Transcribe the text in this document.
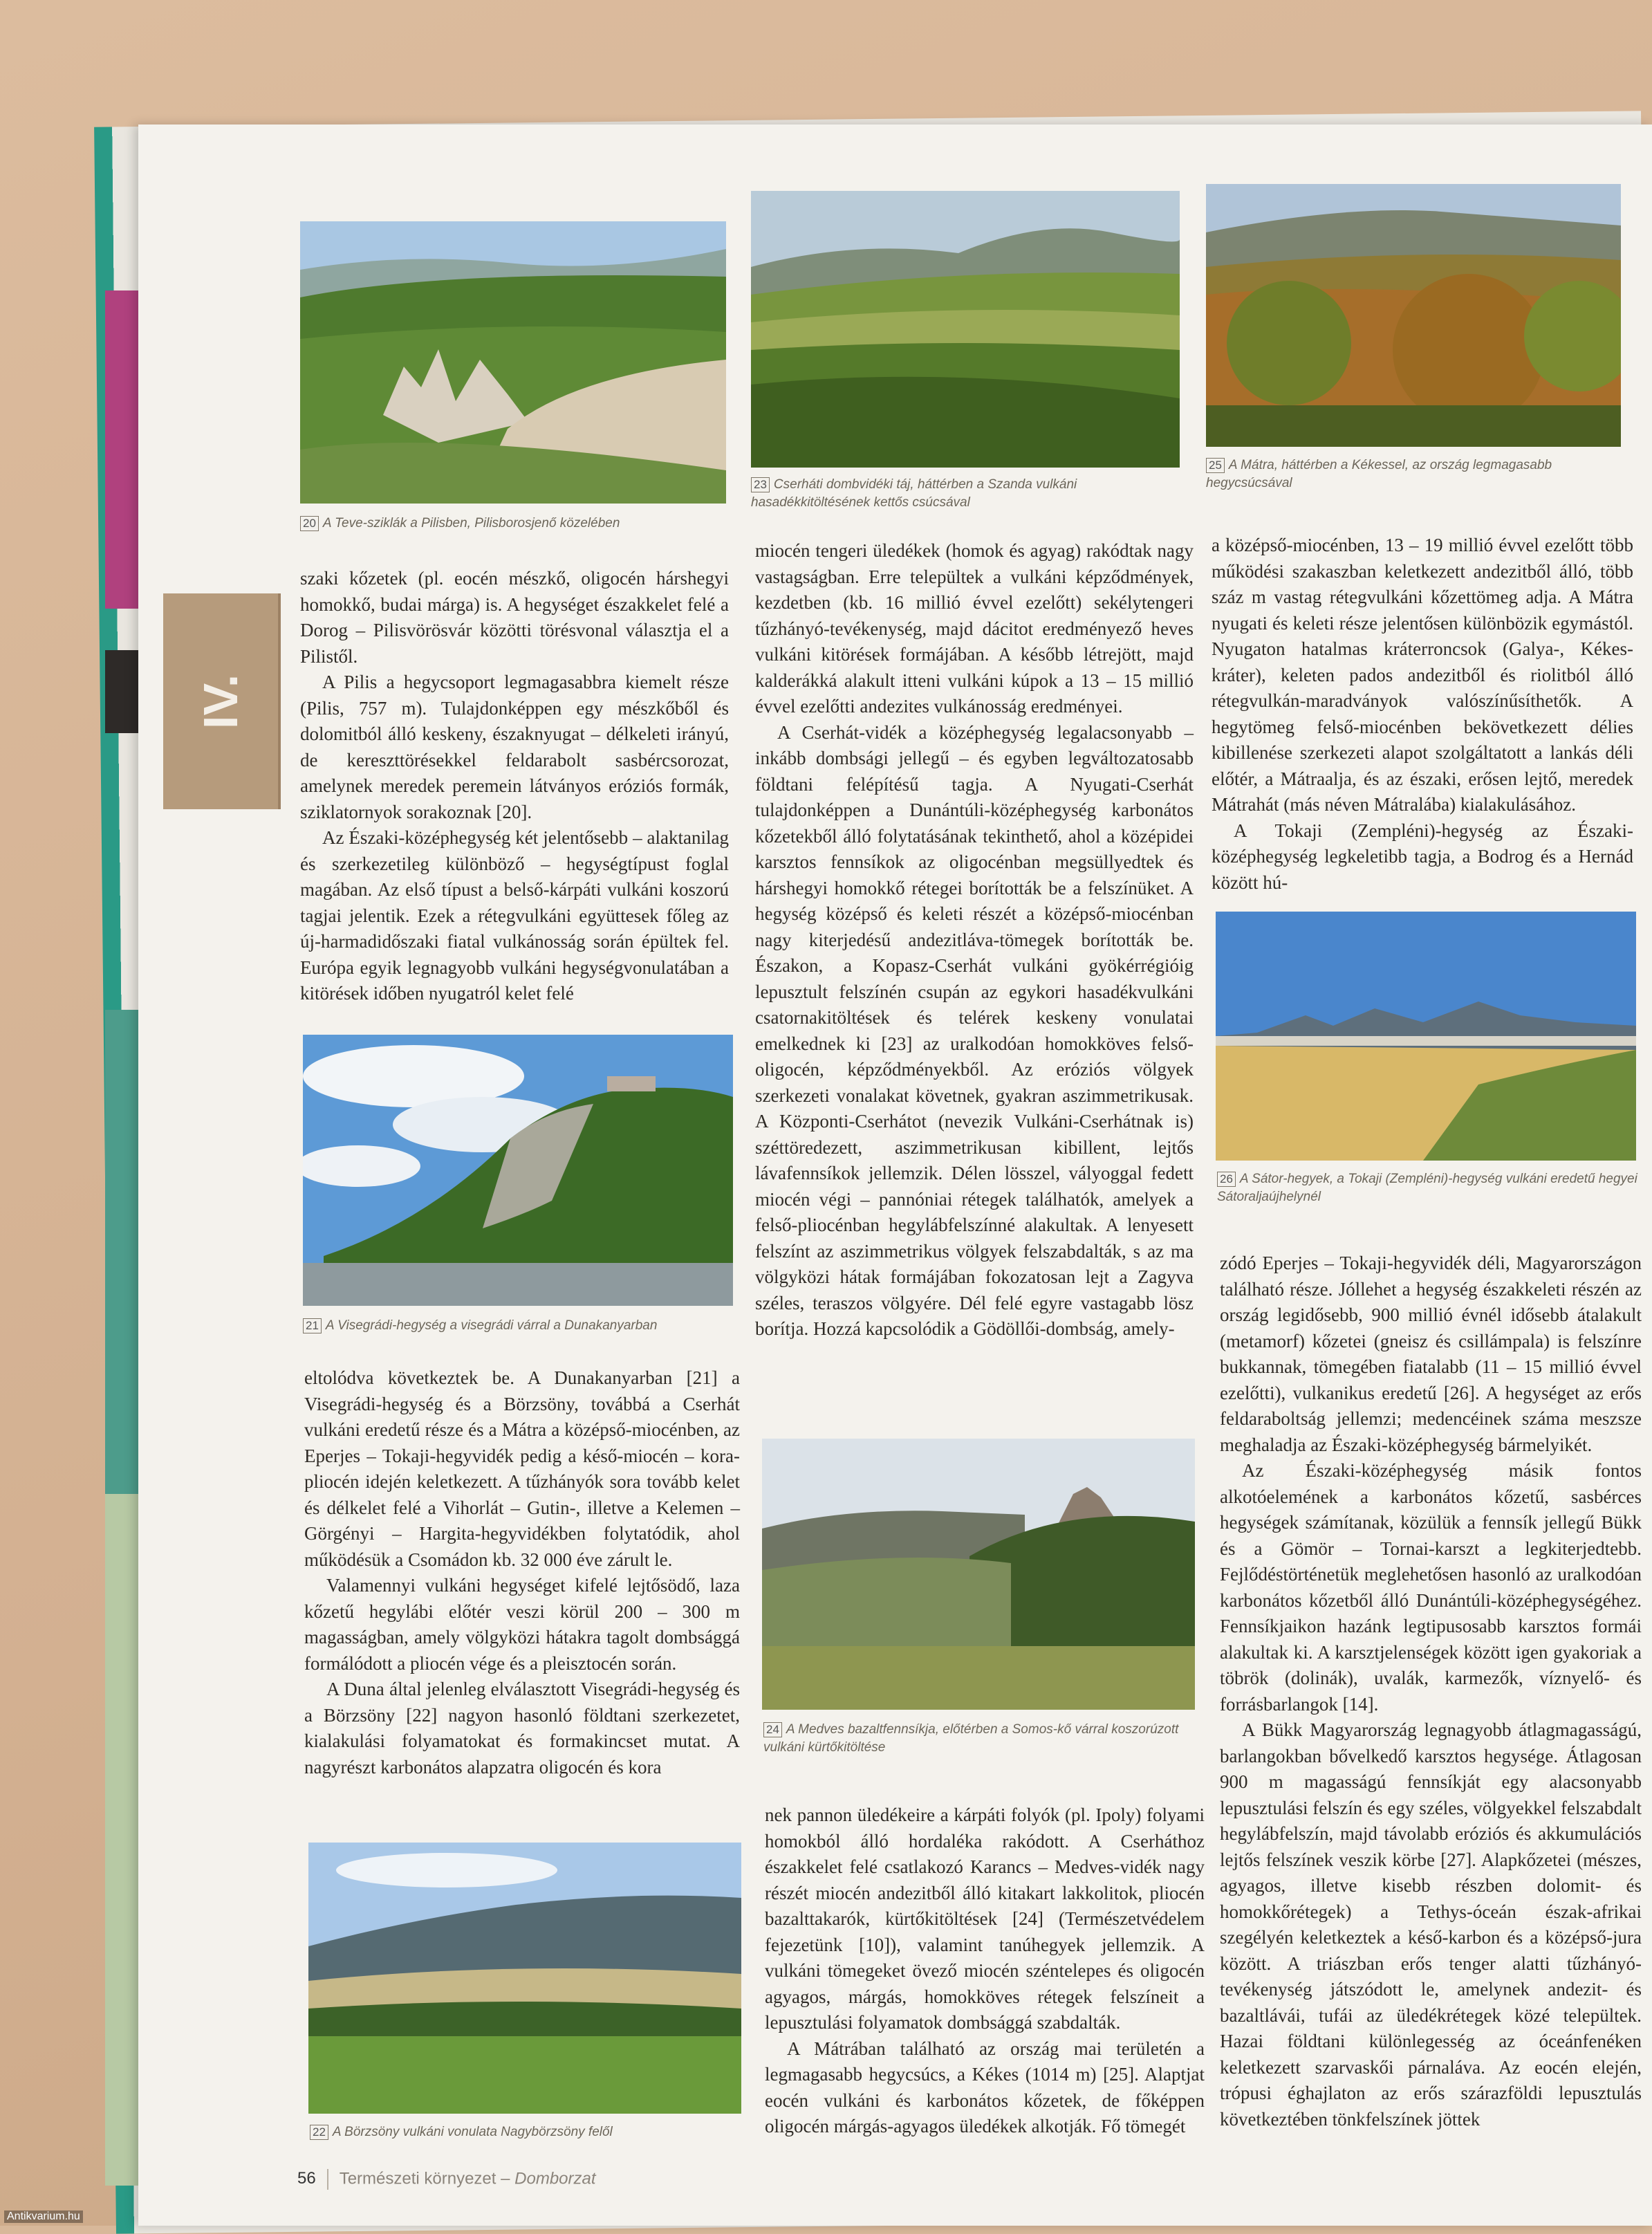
IV.
20 A Teve-sziklák a Pilisben, Pilisborosjenő közelében
23 Cserháti dombvidéki táj, háttérben a Szanda vulkáni hasadékkitöltésének kettős csúcsával
25 A Mátra, háttérben a Kékessel, az ország legmagasabb hegycsúcsával

szaki kőzetek (pl. eocén mészkő, oligocén hárshegyi homokkő, budai márga) is. A hegységet északkelet felé a Dorog – Pilisvörösvár közötti törésvonal választja el a Pilistől.

A Pilis a hegycsoport legmagasabbra kiemelt része (Pilis, 757 m). Tulajdonképpen egy mészkőből és dolomitból álló keskeny, északnyugat – délkeleti irányú, de kereszttörésekkel feldarabolt sasbércsorozat, amelynek meredek peremein látványos eróziós formák, sziklatornyok sorakoznak [20].

Az Északi-középhegység két jelentősebb – alaktanilag és szerkezetileg különböző – hegységtípust foglal magában. Az első típust a belső-kárpáti vulkáni koszorú tagjai jelentik. Ezek a rétegvulkáni együttesek főleg az új-harmadidőszaki fiatal vulkánosság során épültek fel. Európa egyik legnagyobb vulkáni hegységvonulatában a kitörések időben nyugatról kelet felé

21 A Visegrádi-hegység a visegrádi várral a Dunakanyarban

eltolódva következtek be. A Dunakanyarban [21] a Visegrádi-hegység és a Börzsöny, továbbá a Cserhát vulkáni eredetű része és a Mátra a középső-miocénben, az Eperjes – Tokaji-hegyvidék pedig a késő-miocén – kora-pliocén idején keletkezett. A tűzhányók sora tovább kelet és délkelet felé a Vihorlát – Gutin-, illetve a Kelemen – Görgényi – Hargita-hegyvidékben folytatódik, ahol működésük a Csomádon kb. 32 000 éve zárult le.

Valamennyi vulkáni hegységet kifelé lejtősödő, laza kőzetű hegylábi előtér veszi körül 200 – 300 m magasságban, amely völgyközi hátakra tagolt dombsággá formálódott a pliocén vége és a pleisztocén során.

A Duna által jelenleg elválasztott Visegrádi-hegység és a Börzsöny [22] nagyon hasonló földtani szerkezetet, kialakulási folyamatokat és formakincset mutat. A nagyrészt karbonátos alapzatra oligocén és kora

22 A Börzsöny vulkáni vonulata Nagybörzsöny felől

miocén tengeri üledékek (homok és agyag) rakódtak nagy vastagságban. Erre települtek a vulkáni képződmények, kezdetben (kb. 16 millió évvel ezelőtt) sekélytengeri tűzhányó-tevékenység, majd dácitot eredményező heves vulkáni kitörések formájában. A később létrejött, majd kalderákká alakult itteni vulkáni kúpok a 13 – 15 millió évvel ezelőtti andezites vulkánosság eredményei.

A Cserhát-vidék a középhegység legalacsonyabb – inkább dombsági jellegű – és egyben legváltozatosabb földtani felépítésű tagja. A Nyugati-Cserhát tulajdonképpen a Dunántúli-középhegység karbonátos kőzetekből álló folytatásának tekinthető, ahol a középidei karsztos fennsíkok az oligocénban megsüllyedtek és hárshegyi homokkő rétegei borították be a felszínüket. A hegység középső és keleti részét a középső-miocénban nagy kiterjedésű andezitláva-tömegek borították be. Északon, a Kopasz-Cserhát vulkáni gyökérrégióig lepusztult felszínén csupán az egykori hasadékvulkáni csatornakitöltések és telérek keskeny vonulatai emelkednek ki [23] az uralkodóan homokköves felső-oligocén, képződményekből. Az eróziós völgyek szerkezeti vonalakat követnek, gyakran aszimmetrikusak. A Központi-Cserhátot (nevezik Vulkáni-Cserhátnak is) széttöredezett, aszimmetrikusan kibillent, lejtős lávafennsíkok jellemzik. Délen lösszel, vályoggal fedett miocén végi – pannóniai rétegek találhatók, amelyek a felső-pliocénban hegylábfelszínné alakultak. A lenyesett felszínt az aszimmetrikus völgyek felszabdalták, s az ma völgyközi hátak formájában fokozatosan lejt a Zagyva széles, teraszos völgyére. Dél felé egyre vastagabb lösz borítja. Hozzá kapcsolódik a Gödöllői-dombság, amely-

24 A Medves bazaltfennsíkja, előtérben a Somos-kő várral koszorúzott vulkáni kürtőkitöltése

nek pannon üledékeire a kárpáti folyók (pl. Ipoly) folyami homokból álló hordaléka rakódott. A Cserháthoz északkelet felé csatlakozó Karancs – Medves-vidék nagy részét miocén andezitből álló kitakart lakkolitok, pliocén bazalttakarók, kürtőkitöltések [24] (Természetvédelem fejezetünk [10]), valamint tanúhegyek jellemzik. A vulkáni tömegeket övező miocén széntelepes és oligocén agyagos, márgás, homokköves rétegek felszíneit a lepusztulási folyamatok dombsággá szabdalták.

A Mátrában található az ország mai területén a legmagasabb hegycsúcs, a Kékes (1014 m) [25]. Alaptjat eocén vulkáni és karbonátos kőzetek, de főképpen oligocén márgás-agyagos üledékek alkotják. Fő tömegét

a középső-miocénben, 13 – 19 millió évvel ezelőtt több működési szakaszban keletkezett andezitből álló, több száz m vastag rétegvulkáni kőzettömeg adja. A Mátra nyugati és keleti része jelentősen különbözik egymástól. Nyugaton hatalmas kráterroncsok (Galya-, Kékes-kráter), keleten pados andezitből és riolitból álló rétegvulkán-maradványok valószínűsíthetők. A hegytömeg felső-miocénben bekövetkezett délies kibillenése szerkezeti alapot szolgáltatott a lankás déli előtér, a Mátraalja, és az északi, erősen lejtő, meredek Mátrahát (más néven Mátralába) kialakulásához.

A Tokaji (Zempléni)-hegység az Északi-középhegység legkeletibb tagja, a Bodrog és a Hernád között hú-

26 A Sátor-hegyek, a Tokaji (Zempléni)-hegység vulkáni eredetű hegyei Sátoraljaújhelynél

zódó Eperjes – Tokaji-hegyvidék déli, Magyarországon található része. Jóllehet a hegység északkeleti részén az ország legidősebb, 900 millió évnél idősebb átalakult (metamorf) kőzetei (gneisz és csillámpala) is felszínre bukkannak, tömegében fiatalabb (11 – 15 millió évvel ezelőtti), vulkanikus eredetű [26]. A hegységet az erős feldaraboltság jellemzi; medencéinek száma meszsze meghaladja az Északi-középhegység bármelyikét.

Az Északi-középhegység másik fontos alkotóelemének a karbonátos kőzetű, sasbérces hegységek számítanak, közülük a fennsík jellegű Bükk és a Gömör – Tornai-karszt a legkiterjedtebb. Fejlődéstörténetük meglehetősen hasonló az uralkodóan karbonátos kőzetből álló Dunántúli-középhegységéhez. Fennsíkjaikon hazánk legtipusosabb karsztos formái alakultak ki. A karsztjelenségek között igen gyakoriak a töbrök (dolinák), uvalák, karmezők, víznyelő- és forrásbarlangok [14].

A Bükk Magyarország legnagyobb átlagmagasságú, barlangokban bővelkedő karsztos hegysége. Átlagosan 900 m magasságú fennsíkját egy alacsonyabb lepusztulási felszín és egy széles, völgyekkel felszabdalt hegylábfelszín, majd távolabb eróziós és akkumulációs lejtős felszínek veszik körbe [27]. Alapkőzetei (mészes, agyagos, illetve kisebb részben dolomit- és homokkőrétegek) a Tethys-óceán észak-afrikai szegélyén keletkeztek a késő-karbon és a középső-jura között. A triászban erős tenger alatti tűzhányó-tevékenység játszódott le, amelynek andezit- és bazaltlávái, tufái az üledékrétegek közé települtek. Hazai földtani különlegesség az óceánfenéken keletkezett szarvaskői párnaláva. Az eocén elején, trópusi éghajlaton az erős szárazföldi lepusztulás következtében tönkfelszínek jöttek

56 Természeti környezet – Domborzat
Antikvarium.hu
